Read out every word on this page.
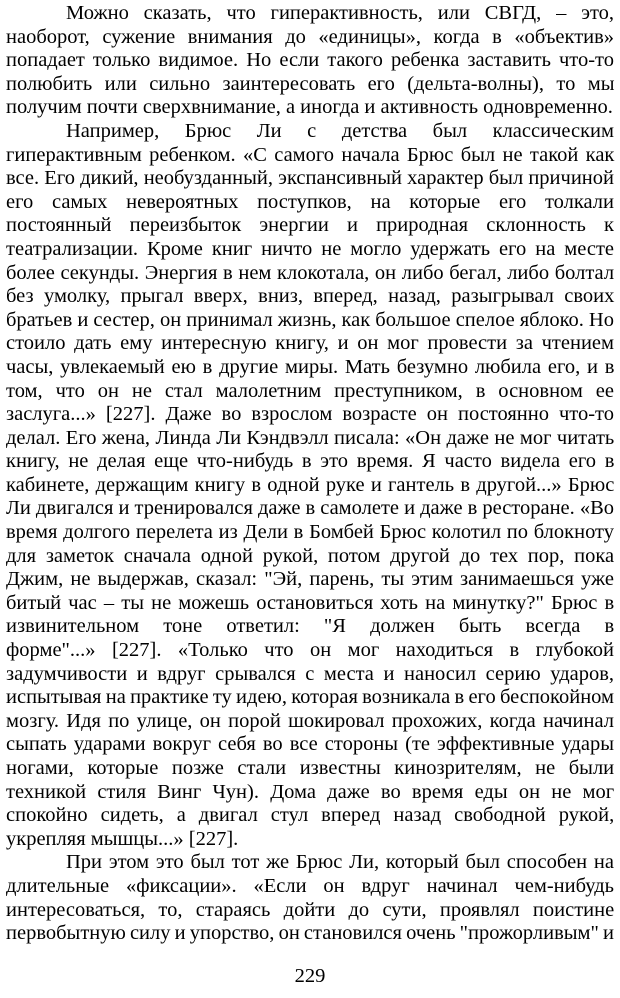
Можно сказать, что гиперактивность, или СВГД, – это,
наоборот, сужение внимания до «единицы», когда в «объектив»
попадает только видимое. Но если такого ребенка заставить что-то
полюбить или сильно заинтересовать его (дельта-волны), то мы
получим почти сверхвнимание, а иногда и активность одновременно.
Например, Брюс Ли с детства был классическим
гиперактивным ребенком. «С самого начала Брюс был не такой как
все. Его дикий, необузданный, экспансивный характер был причиной
его самых невероятных поступков, на которые его толкали
постоянный переизбыток энергии и природная склонность к
театрализации. Кроме книг ничто не могло удержать его на месте
более секунды. Энергия в нем клокотала, он либо бегал, либо болтал
без умолку, прыгал вверх, вниз, вперед, назад, разыгрывал своих
братьев и сестер, он принимал жизнь, как большое спелое яблоко. Но
стоило дать ему интересную книгу, и он мог провести за чтением
часы, увлекаемый ею в другие миры. Мать безумно любила его, и в
том, что он не стал малолетним преступником, в основном ее
заслуга...» [227]. Даже во взрослом возрасте он постоянно что-то
делал. Его жена, Линда Ли Кэндвэлл писала: «Он даже не мог читать
книгу, не делая еще что-нибудь в это время. Я часто видела его в
кабинете, держащим книгу в одной руке и гантель в другой...» Брюс
Ли двигался и тренировался даже в самолете и даже в ресторане. «Во
время долгого перелета из Дели в Бомбей Брюс колотил по блокноту
для заметок сначала одной рукой, потом другой до тех пор, пока
Джим, не выдержав, сказал: "Эй, парень, ты этим занимаешься уже
битый час – ты не можешь остановиться хоть на минутку?" Брюс в
извинительном тоне ответил: "Я должен быть всегда в
форме"...» [227]. «Только что он мог находиться в глубокой
задумчивости и вдруг срывался с места и наносил серию ударов,
испытывая на практике ту идею, которая возникала в его беспокойном
мозгу. Идя по улице, он порой шокировал прохожих, когда начинал
сыпать ударами вокруг себя во все стороны (те эффективные удары
ногами, которые позже стали известны кинозрителям, не были
техникой стиля Винг Чун). Дома даже во время еды он не мог
спокойно сидеть, а двигал стул вперед назад свободной рукой,
укрепляя мышцы...» [227].
При этом это был тот же Брюс Ли, который был способен на
длительные «фиксации». «Если он вдруг начинал чем-нибудь
интересоваться, то, стараясь дойти до сути, проявлял поистине
первобытную силу и упорство, он становился очень "прожорливым" и
229
